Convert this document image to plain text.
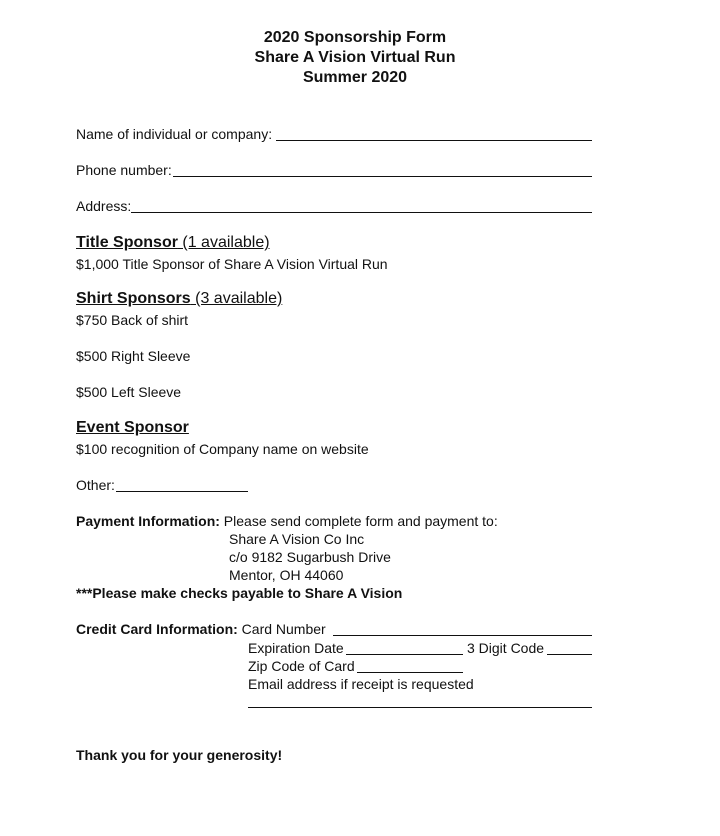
2020 Sponsorship Form
Share A Vision Virtual Run
Summer 2020
Name of individual or company:
Phone number:
Address:
Title Sponsor (1 available)
$1,000 Title Sponsor of Share A Vision Virtual Run
Shirt Sponsors (3 available)
$750 Back of shirt
$500 Right Sleeve
$500 Left Sleeve
Event Sponsor
$100 recognition of Company name on website
Other:
Payment Information: Please send complete form and payment to:
Share A Vision Co Inc
c/o 9182 Sugarbush Drive
Mentor, OH 44060
***Please make checks payable to Share A Vision
Credit Card Information: Card Number
Expiration Date	3 Digit Code
Zip Code of Card
Email address if receipt is requested
Thank you for your generosity!
